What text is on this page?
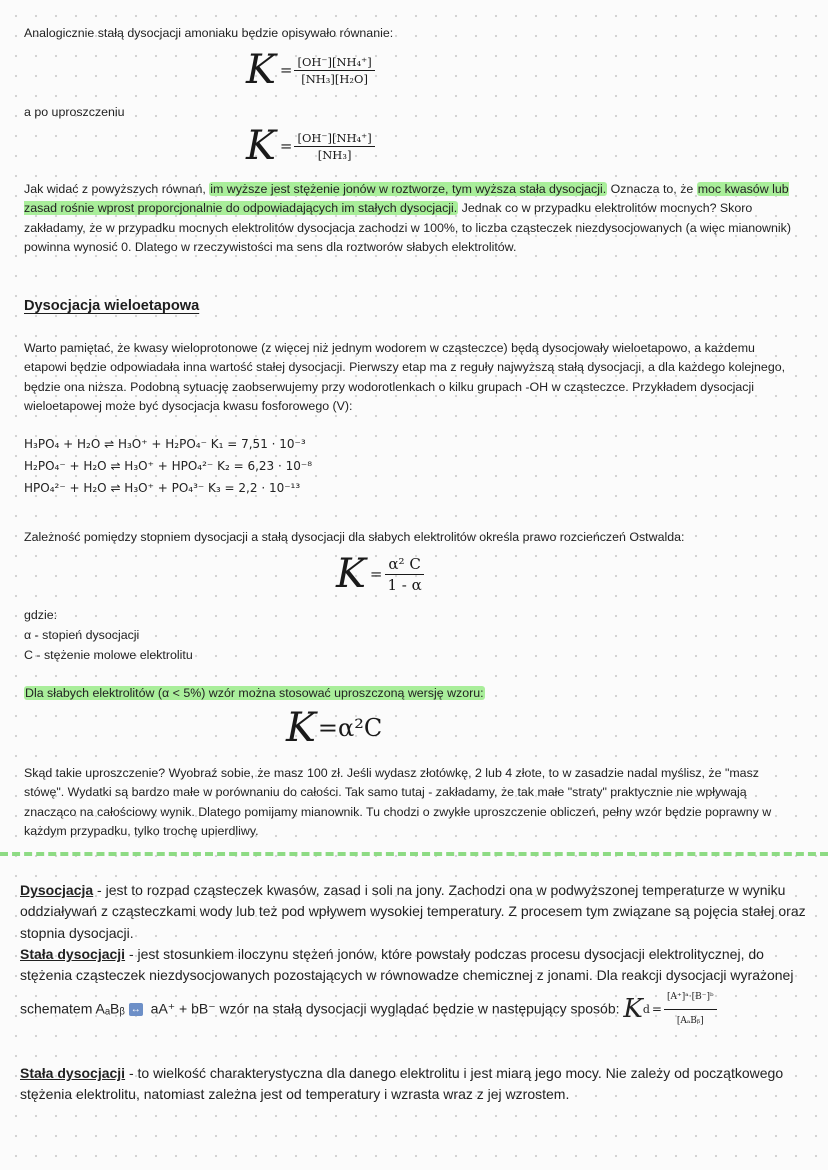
Analogicznie stałą dysocjacji amoniaku będzie opisywało równanie:

$K = \frac{\text{[OH⁻][NH₄⁺]}}{\text{[NH₃][H₂O]}}$

a po uproszczeniu

$K = \frac{\text{[OH⁻][NH₄⁺]}}{\text{[NH₃]}}$

Jak widać z powyższych równań, im wyższe jest stężenie jonów w roztworze, tym wyższa stała dysocjacji. Oznacza to, że moc kwasów lub zasad rośnie wprost proporcjonalnie do odpowiadających im stałych dysocjacji. Jednak co w przypadku elektrolitów mocnych? Skoro zakładamy, że w przypadku mocnych elektrolitów dysocjacja zachodzi w 100%, to liczba cząsteczek niezdysocjowanych (a więc mianownik) powinna wynosić 0. Dlatego w rzeczywistości ma sens dla roztworów słabych elektrolitów.

Dysocjacja wieloetapowa

Warto pamiętać, że kwasy wieloprotonowe (z więcej niż jednym wodorem w cząsteczce) będą dysocjowały wieloetapowo, a każdemu etapowi będzie odpowiadała inna wartość stałej dysocjacji. Pierwszy etap ma z reguły najwyższą stałą dysocjacji, a dla każdego kolejnego, będzie ona niższa. Podobną sytuację zaobserwujemy przy wodorotlenkach o kilku grupach -OH w cząsteczce. Przykładem dysocjacji wieloetapowej może być dysocjacja kwasu fosforowego (V):

H₃PO₄ + H₂O ⇌ H₃O⁺ + H₂PO₄⁻ K₁ = 7,51 · 10⁻³
H₂PO₄⁻ + H₂O ⇌ H₃O⁺ + HPO₄²⁻ K₂ = 6,23 · 10⁻⁸
HPO₄²⁻ + H₂O ⇌ H₃O⁺ + PO₄³⁻ K₃ = 2,2 · 10⁻¹³

Zależność pomiędzy stopniem dysocjacji a stałą dysocjacji dla słabych elektrolitów określa prawo rozcieńczeń Ostwalda:

$K = \frac{\text{α² C}}{1 - \alpha}$

gdzie:

α - stopień dysocjacji

C - stężenie molowe elektrolitu

Dla słabych elektrolitów (α < 5%) wzór można stosować uproszczoną wersję wzoru:

K =α²C

Skąd takie uproszczenie? Wyobraź sobie, że masz 100 zł. Jeśli wydasz złotówkę, 2 lub 4 złote, to w zasadzie nadal myślisz, że "masz stówę". Wydatki są bardzo małe w porównaniu do całości. Tak samo tutaj - zakładamy, że tak małe "straty" praktycznie nie wpływają znacząco na całościowy wynik. Dlatego pomijamy mianownik. Tu chodzi o zwykłe uproszczenie obliczeń, pełny wzór będzie poprawny w każdym przypadku, tylko trochę upierdliwy.

Dysocjacja - jest to rozpad cząsteczek kwasów, zasad i soli na jony. Zachodzi ona w podwyższonej temperaturze w wyniku oddziaływań z cząsteczkami wody lub też pod wpływem wysokiej temperatury. Z procesem tym związane są pojęcia stałej oraz stopnia dysocjacji.

Stała dysocjacji - jest stosunkiem iloczynu stężeń jonów, które powstały podczas procesu dysocjacji elektrolitycznej, do stężenia cząsteczek niezdysocjowanych pozostających w równowadze chemicznej z jonami. Dla reakcji dysocjacji wyrażonej schematem AₐBᵦ ↔ aA⁺ + bB⁻ wzór na stałą dysocjacji wyglądać będzie w następujący sposób: K $d = \frac{\text{[A⁺]ᵃ·[B⁻]ᵇ}}{\text{[AₐBᵦ]}}$

Stała dysocjacji - to wielkość charakterystyczna dla danego elektrolitu i jest miarą jego mocy. Nie zależy od początkowego stężenia elektrolitu, natomiast zależna jest od temperatury i wzrasta wraz z jej wzrostem.
